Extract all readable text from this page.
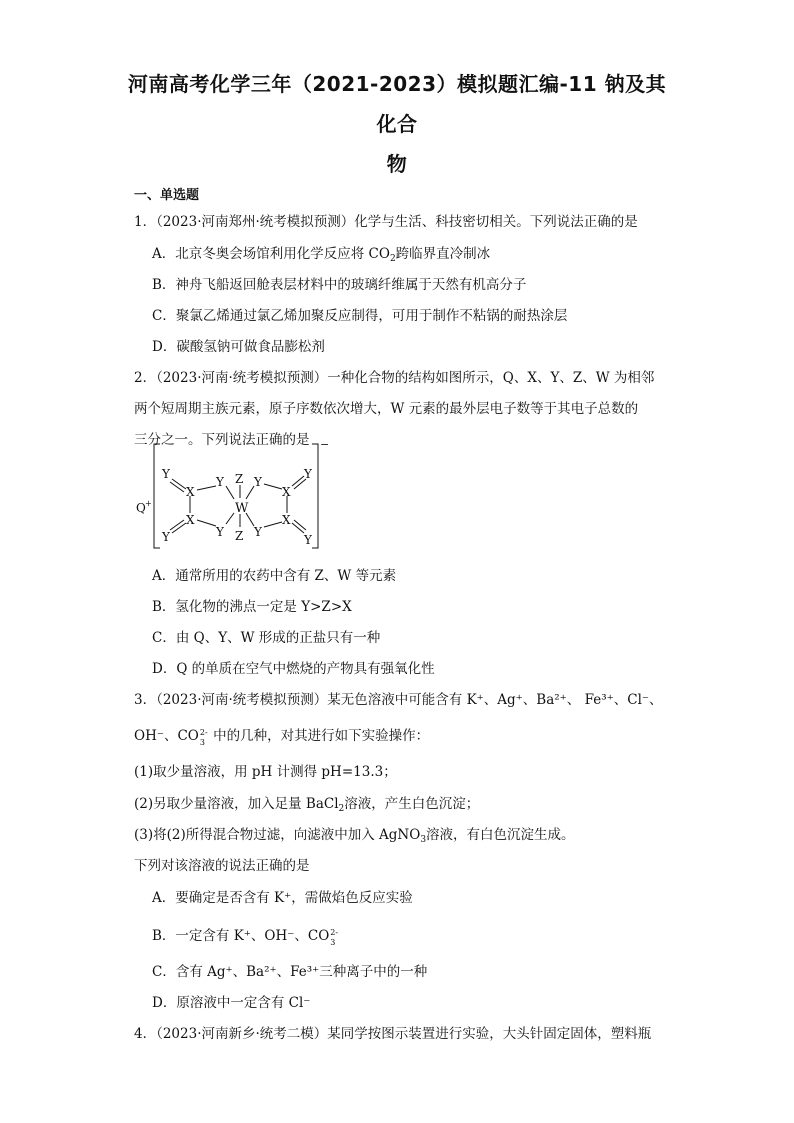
河南高考化学三年（2021-2023）模拟题汇编-11 钠及其化合
物
一、单选题
1．（2023·河南郑州·统考模拟预测）化学与生活、科技密切相关。下列说法正确的是
A．北京冬奥会场馆利用化学反应将 $CO_2$跨临界直冷制冰
B．神舟飞船返回舱表层材料中的玻璃纤维属于天然有机高分子
C．聚氯乙烯通过氯乙烯加聚反应制得，可用于制作不粘锅的耐热涂层
D．碳酸氢钠可做食品膨松剂
2．（2023·河南·统考模拟预测）一种化合物的结构如图所示，Q、X、Y、Z、W 为相邻
两个短周期主族元素，原子序数依次增大，W 元素的最外层电子数等于其电子总数的
三分之一。下列说法正确的是
Q +
−
Y
X
Y Z Y
X
Y
W
X	X
Y	Y	Y
Z	Y
A．通常所用的农药中含有 Z、W 等元素
B．氢化物的沸点一定是 Y>Z>X
C．由 Q、Y、W 形成的正盐只有一种
D．Q 的单质在空气中燃烧的产物具有强氧化性
3．（2023·河南·统考模拟预测）某无色溶液中可能含有 K⁺、Ag⁺、Ba²⁺、 Fe³⁺、Cl⁻、
OH⁻、CO 2-
3 中的几种，对其进行如下实验操作：
(1)取少量溶液，用 pH 计测得 pH=13.3；
(2)另取少量溶液，加入足量 BaCl$_2$溶液，产生白色沉淀；
(3)将(2)所得混合物过滤，向滤液中加入 AgNO$_3$溶液，有白色沉淀生成。
下列对该溶液的说法正确的是
A．要确定是否含有 K⁺，需做焰色反应实验
B．一定含有 K⁺、OH⁻、CO 2-
3
C．含有 Ag⁺、Ba²⁺、Fe³⁺三种离子中的一种
D．原溶液中一定含有 Cl⁻
4．（2023·河南新乡·统考二模）某同学按图示装置进行实验，大头针固定固体，塑料瓶
